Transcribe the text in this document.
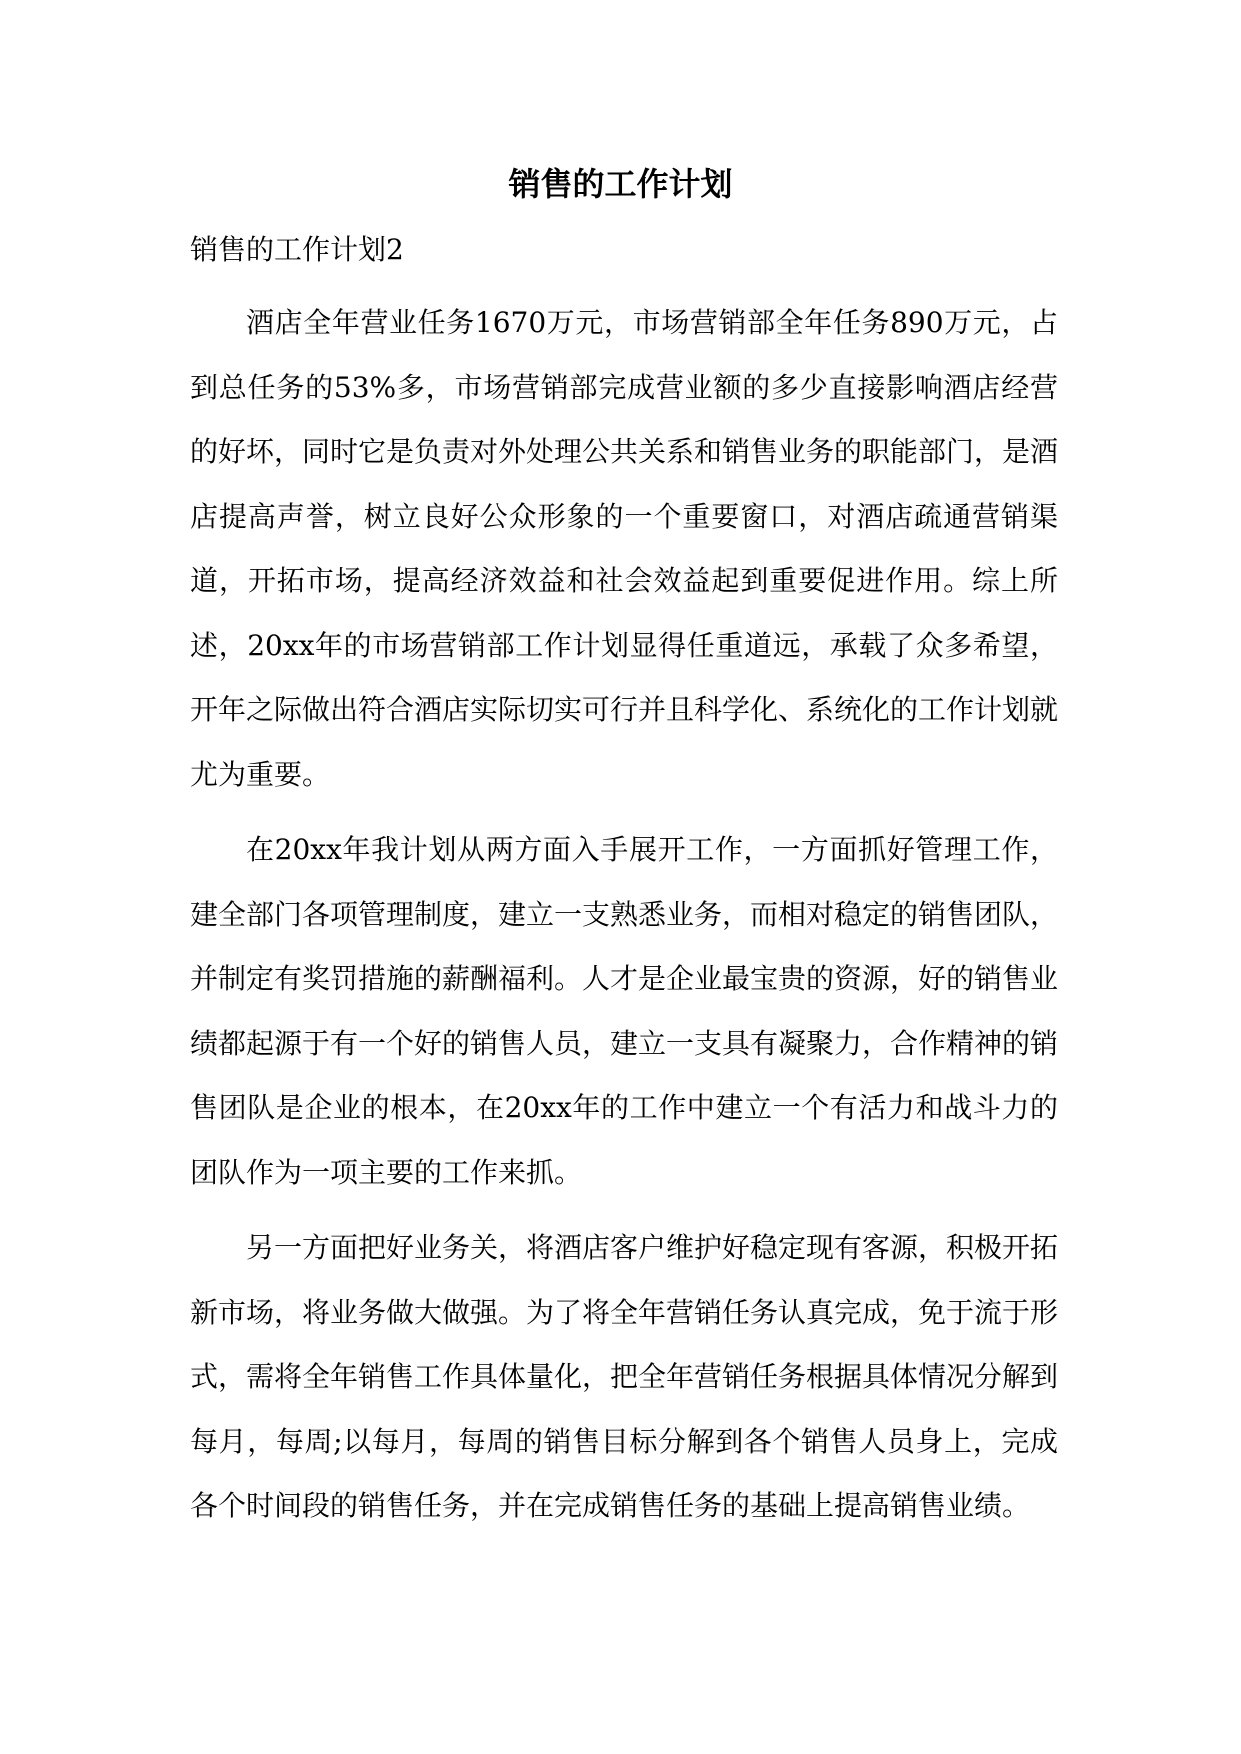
销售的工作计划

销售的工作计划2

酒店全年营业任务1670万元，市场营销部全年任务890万元，占到总任务的53%多，市场营销部完成营业额的多少直接影响酒店经营的好坏，同时它是负责对外处理公共关系和销售业务的职能部门，是酒店提高声誉，树立良好公众形象的一个重要窗口，对酒店疏通营销渠道，开拓市场，提高经济效益和社会效益起到重要促进作用。综上所述，20xx年的市场营销部工作计划显得任重道远，承载了众多希望，开年之际做出符合酒店实际切实可行并且科学化、系统化的工作计划就尤为重要。

在20xx年我计划从两方面入手展开工作，一方面抓好管理工作，建全部门各项管理制度，建立一支熟悉业务，而相对稳定的销售团队，并制定有奖罚措施的薪酬福利。人才是企业最宝贵的资源，好的销售业绩都起源于有一个好的销售人员，建立一支具有凝聚力，合作精神的销售团队是企业的根本，在20xx年的工作中建立一个有活力和战斗力的团队作为一项主要的工作来抓。

另一方面把好业务关，将酒店客户维护好稳定现有客源，积极开拓新市场，将业务做大做强。为了将全年营销任务认真完成，免于流于形式，需将全年销售工作具体量化，把全年营销任务根据具体情况分解到每月，每周;以每月，每周的销售目标分解到各个销售人员身上，完成各个时间段的销售任务，并在完成销售任务的基础上提高销售业绩。
